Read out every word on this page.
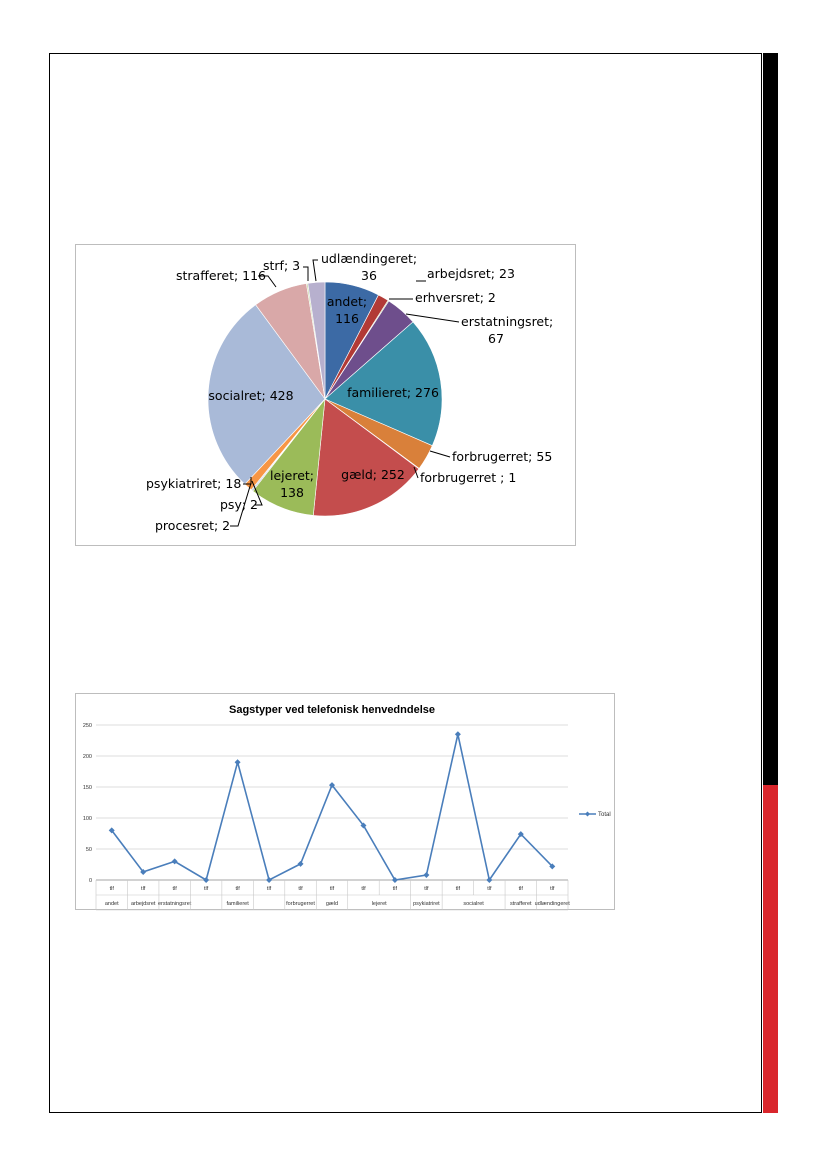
andet;
116
arbejdsret; 23
erhversret; 2
erstatningsret;
67
familieret; 276
forbrugerret; 55
forbrugerret ; 1
gæld; 252
lejeret;
138
procesret; 2
psy; 2
psykiatriret; 18
socialret; 428
strafferet; 116
strf; 3 udlændingeret;
36
Sagstyper ved telefonisk henvedndelse
0
50
100
150
200
250
tlf	tlf	tlf	tlf	tlf	tlf	tlf	tlf	tlf	tlf	tlf	tlf	tlf	tlf	tlf
andet arbejdsret erstatningsret	familieret	forbrugerret gæld	lejeret	psykiatriret	socialret	strafferet udlændingeret
Total
